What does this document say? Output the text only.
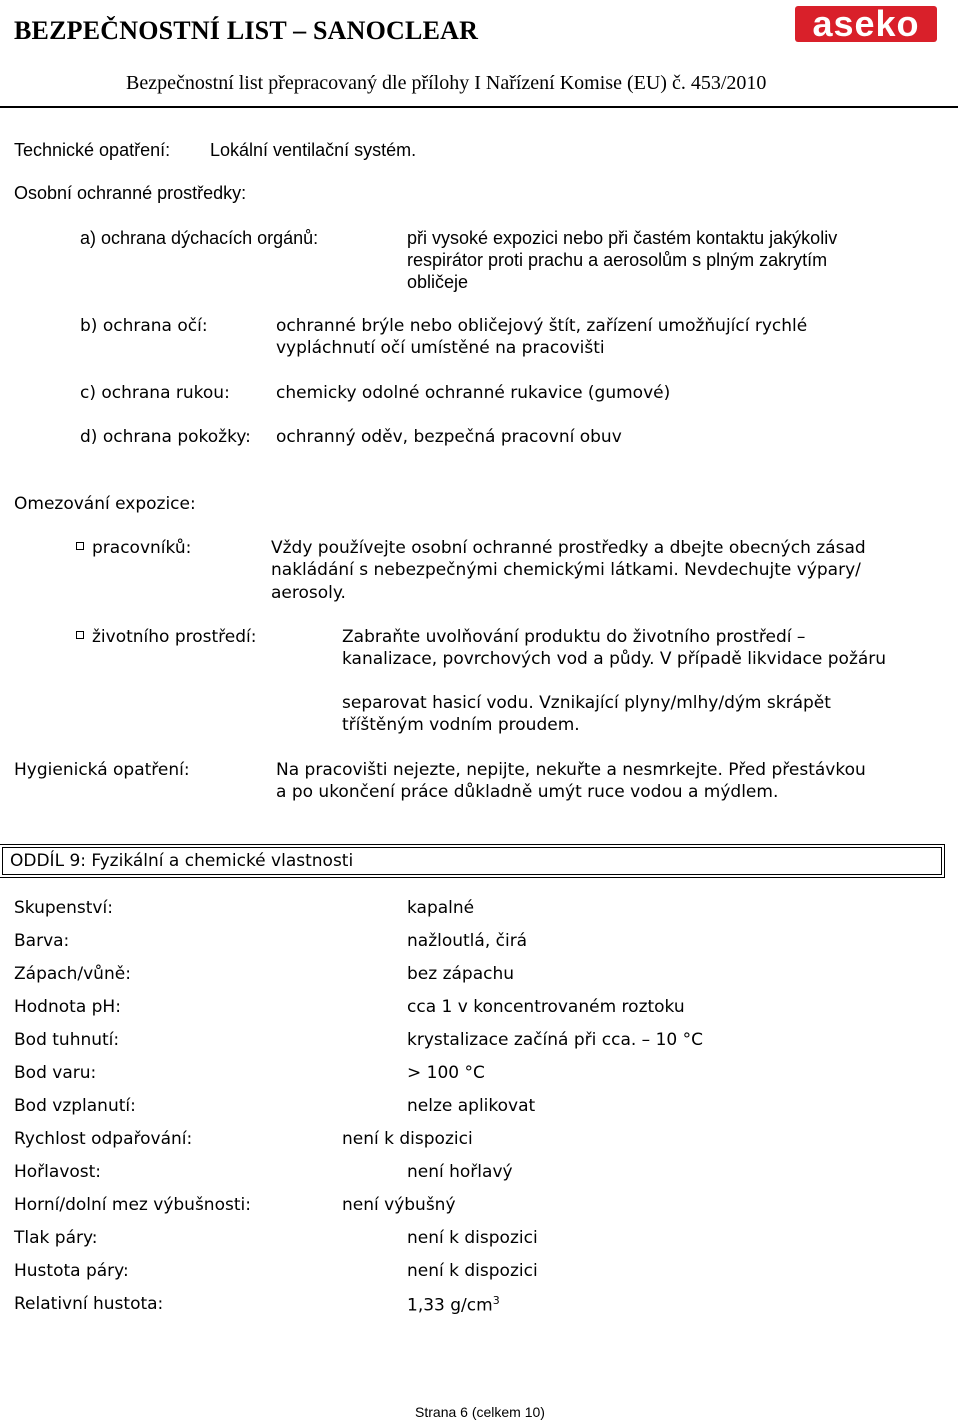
BEZPEČNOSTNÍ LIST – SANOCLEAR	aseko
Bezpečnostní list přepracovaný dle přílohy I Nařízení Komise (EU) č. 453/2010
Technické opatření: Lokální ventilační systém.
Osobní ochranné prostředky:
a) ochrana dýchacích orgánů:	při vysoké expozici nebo při častém kontaktu jakýkoliv
respirátor proti prachu a aerosolům s plným zakrytím
obličeje
b) ochrana očí:	ochranné brýle nebo obličejový štít, zařízení umožňující rychlé
vypláchnutí očí umístěné na pracovišti
c) ochrana rukou:	chemicky odolné ochranné rukavice (gumové)
d) ochrana pokožky: ochranný oděv, bezpečná pracovní obuv
Omezování expozice:
pracovníků:	Vždy používejte osobní ochranné prostředky a dbejte obecných zásad
nakládání s nebezpečnými chemickými látkami. Nevdechujte výpary/
aerosoly.
životního prostředí:	Zabraňte uvolňování produktu do životního prostředí –
kanalizace, povrchových vod a půdy. V případě likvidace požáru
separovat hasicí vodu. Vznikající plyny/mlhy/dým skrápět
tříštěným vodním proudem.
Hygienická opatření:	Na pracovišti nejezte, nepijte, nekuřte a nesmrkejte. Před přestávkou
a po ukončení práce důkladně umýt ruce vodou a mýdlem.
ODDÍL 9: Fyzikální a chemické vlastnosti
Skupenství:	kapalné
Barva:	nažloutlá, čirá
Zápach/vůně:	bez zápachu
Hodnota pH:	cca 1 v koncentrovaném roztoku
Bod tuhnutí:	krystalizace začíná při cca. – 10 °C
Bod varu:	> 100 °C
Bod vzplanutí:	nelze aplikovat
Rychlost odpařování:	není k dispozici
Hořlavost:	není hořlavý
Horní/dolní mez výbušnosti:	není výbušný
Tlak páry:	není k dispozici
Hustota páry:	není k dispozici
Relativní hustota:	1,33 $g/cm^3$
Strana 6 (celkem 10)
